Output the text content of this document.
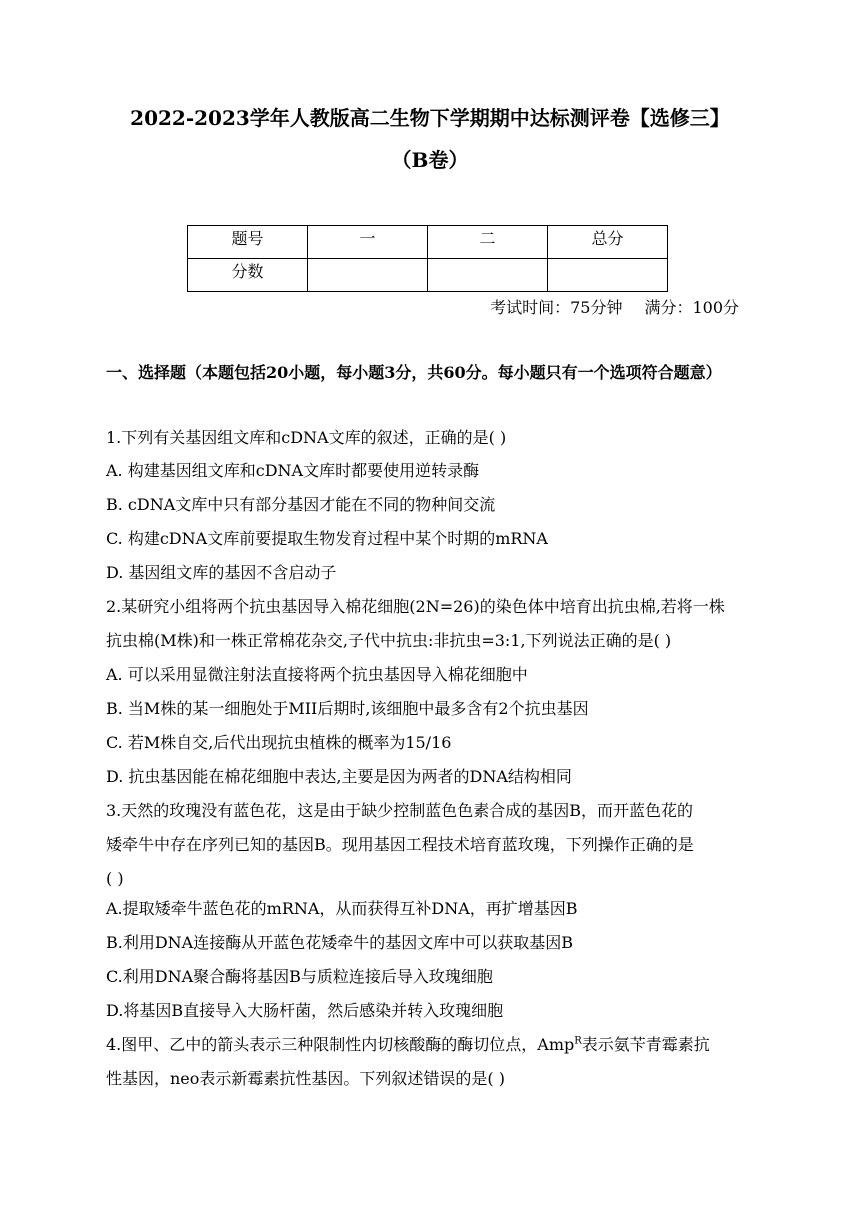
2022-2023学年人教版高二生物下学期期中达标测评卷【选修三】
（B卷）
题号	一	二	总分
分数			
考试时间：75分钟 满分：100分
一、选择题（本题包括20小题，每小题3分，共60分。每小题只有一个选项符合题意）
1.下列有关基因组文库和cDNA文库的叙述，正确的是( )
A. 构建基因组文库和cDNA文库时都要使用逆转录酶
B. cDNA文库中只有部分基因才能在不同的物种间交流
C. 构建cDNA文库前要提取生物发育过程中某个时期的mRNA
D. 基因组文库的基因不含启动子
2.某研究小组将两个抗虫基因导入棉花细胞(2N=26)的染色体中培育出抗虫棉,若将一株
抗虫棉(M株)和一株正常棉花杂交,子代中抗虫:非抗虫=3:1,下列说法正确的是( )
A. 可以采用显微注射法直接将两个抗虫基因导入棉花细胞中
B. 当M株的某一细胞处于MII后期时,该细胞中最多含有2个抗虫基因
C. 若M株自交,后代出现抗虫植株的概率为15/16
D. 抗虫基因能在棉花细胞中表达,主要是因为两者的DNA结构相同
3.天然的玫瑰没有蓝色花，这是由于缺少控制蓝色色素合成的基因B，而开蓝色花的
矮牵牛中存在序列已知的基因B。现用基因工程技术培育蓝玫瑰，下列操作正确的是
( )
A.提取矮牵牛蓝色花的mRNA，从而获得互补DNA，再扩增基因B
B.利用DNA连接酶从开蓝色花矮牵牛的基因文库中可以获取基因B
C.利用DNA聚合酶将基因B与质粒连接后导入玫瑰细胞
D.将基因B直接导入大肠杆菌，然后感染并转入玫瑰细胞
4.图甲、乙中的箭头表示三种限制性内切核酸酶的酶切位点，Amp$^R$表示氨苄青霉素抗
性基因，neo表示新霉素抗性基因。下列叙述错误的是( )
